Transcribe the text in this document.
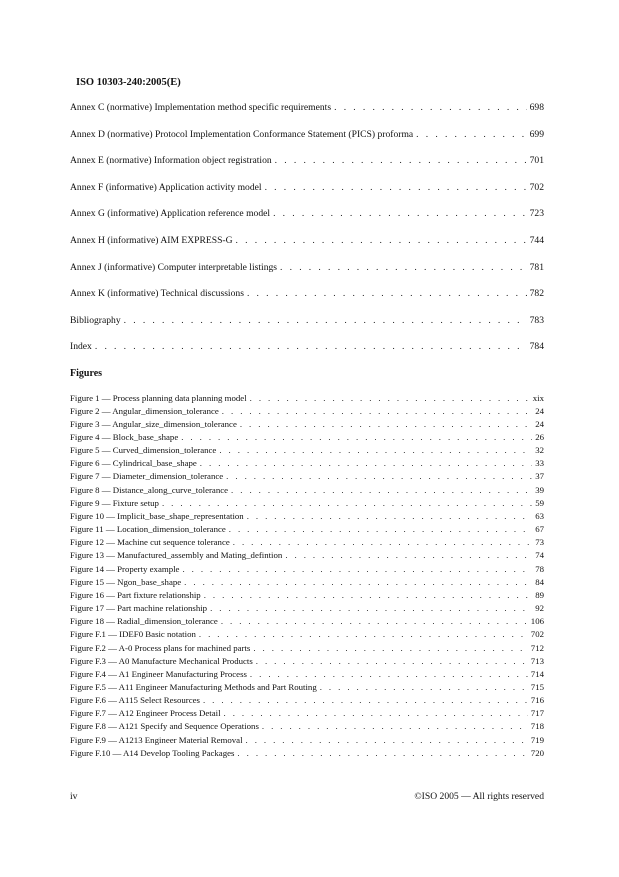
ISO 10303-240:2005(E)
Annex C (normative) Implementation method specific requirements . . .	698
Annex D (normative) Protocol Implementation Conformance Statement (PICS) proforma . . .	699
Annex E (normative) Information object registration . . .	701
Annex F (informative) Application activity model . . .	702
Annex G (informative) Application reference model . . .	723
Annex H (informative) AIM EXPRESS-G . . .	744
Annex J (informative) Computer interpretable listings . . .	781
Annex K (informative) Technical discussions . . .	782
Bibliography . . .	783
Index . . .	784
Figures
Figure 1 — Process planning data planning model . . .	xix
Figure 2 — Angular_dimension_tolerance . . .	24
Figure 3 — Angular_size_dimension_tolerance . . .	24
Figure 4 — Block_base_shape . . .	26
Figure 5 — Curved_dimension_tolerance . . .	32
Figure 6 — Cylindrical_base_shape . . .	33
Figure 7 — Diameter_dimension_tolerance . . .	37
Figure 8 — Distance_along_curve_tolerance . . .	39
Figure 9 — Fixture setup . . .	59
Figure 10 — Implicit_base_shape_representation . . .	63
Figure 11 — Location_dimension_tolerance . . .	67
Figure 12 — Machine cut sequence tolerance . . .	73
Figure 13 — Manufactured_assembly and Mating_defintion . . .	74
Figure 14 — Property example . . .	78
Figure 15 — Ngon_base_shape . . .	84
Figure 16 — Part fixture relationship . . .	89
Figure 17 — Part machine relationship . . .	92
Figure 18 — Radial_dimension_tolerance . . .	106
Figure F.1 — IDEF0 Basic notation . . .	702
Figure F.2 — A-0 Process plans for machined parts . . .	712
Figure F.3 — A0 Manufacture Mechanical Products . . .	713
Figure F.4 — A1 Engineer Manufacturing Process . . .	714
Figure F.5 — A11 Engineer Manufacturing Methods and Part Routing . . .	715
Figure F.6 — A115 Select Resources . . .	716
Figure F.7 — A12 Engineer Process Detail . . .	717
Figure F.8 — A121 Specify and Sequence Operations . . .	718
Figure F.9 — A1213 Engineer Material Removal . . .	719
Figure F.10 — A14 Develop Tooling Packages . . .	720
iv	©ISO 2005 — All rights reserved
